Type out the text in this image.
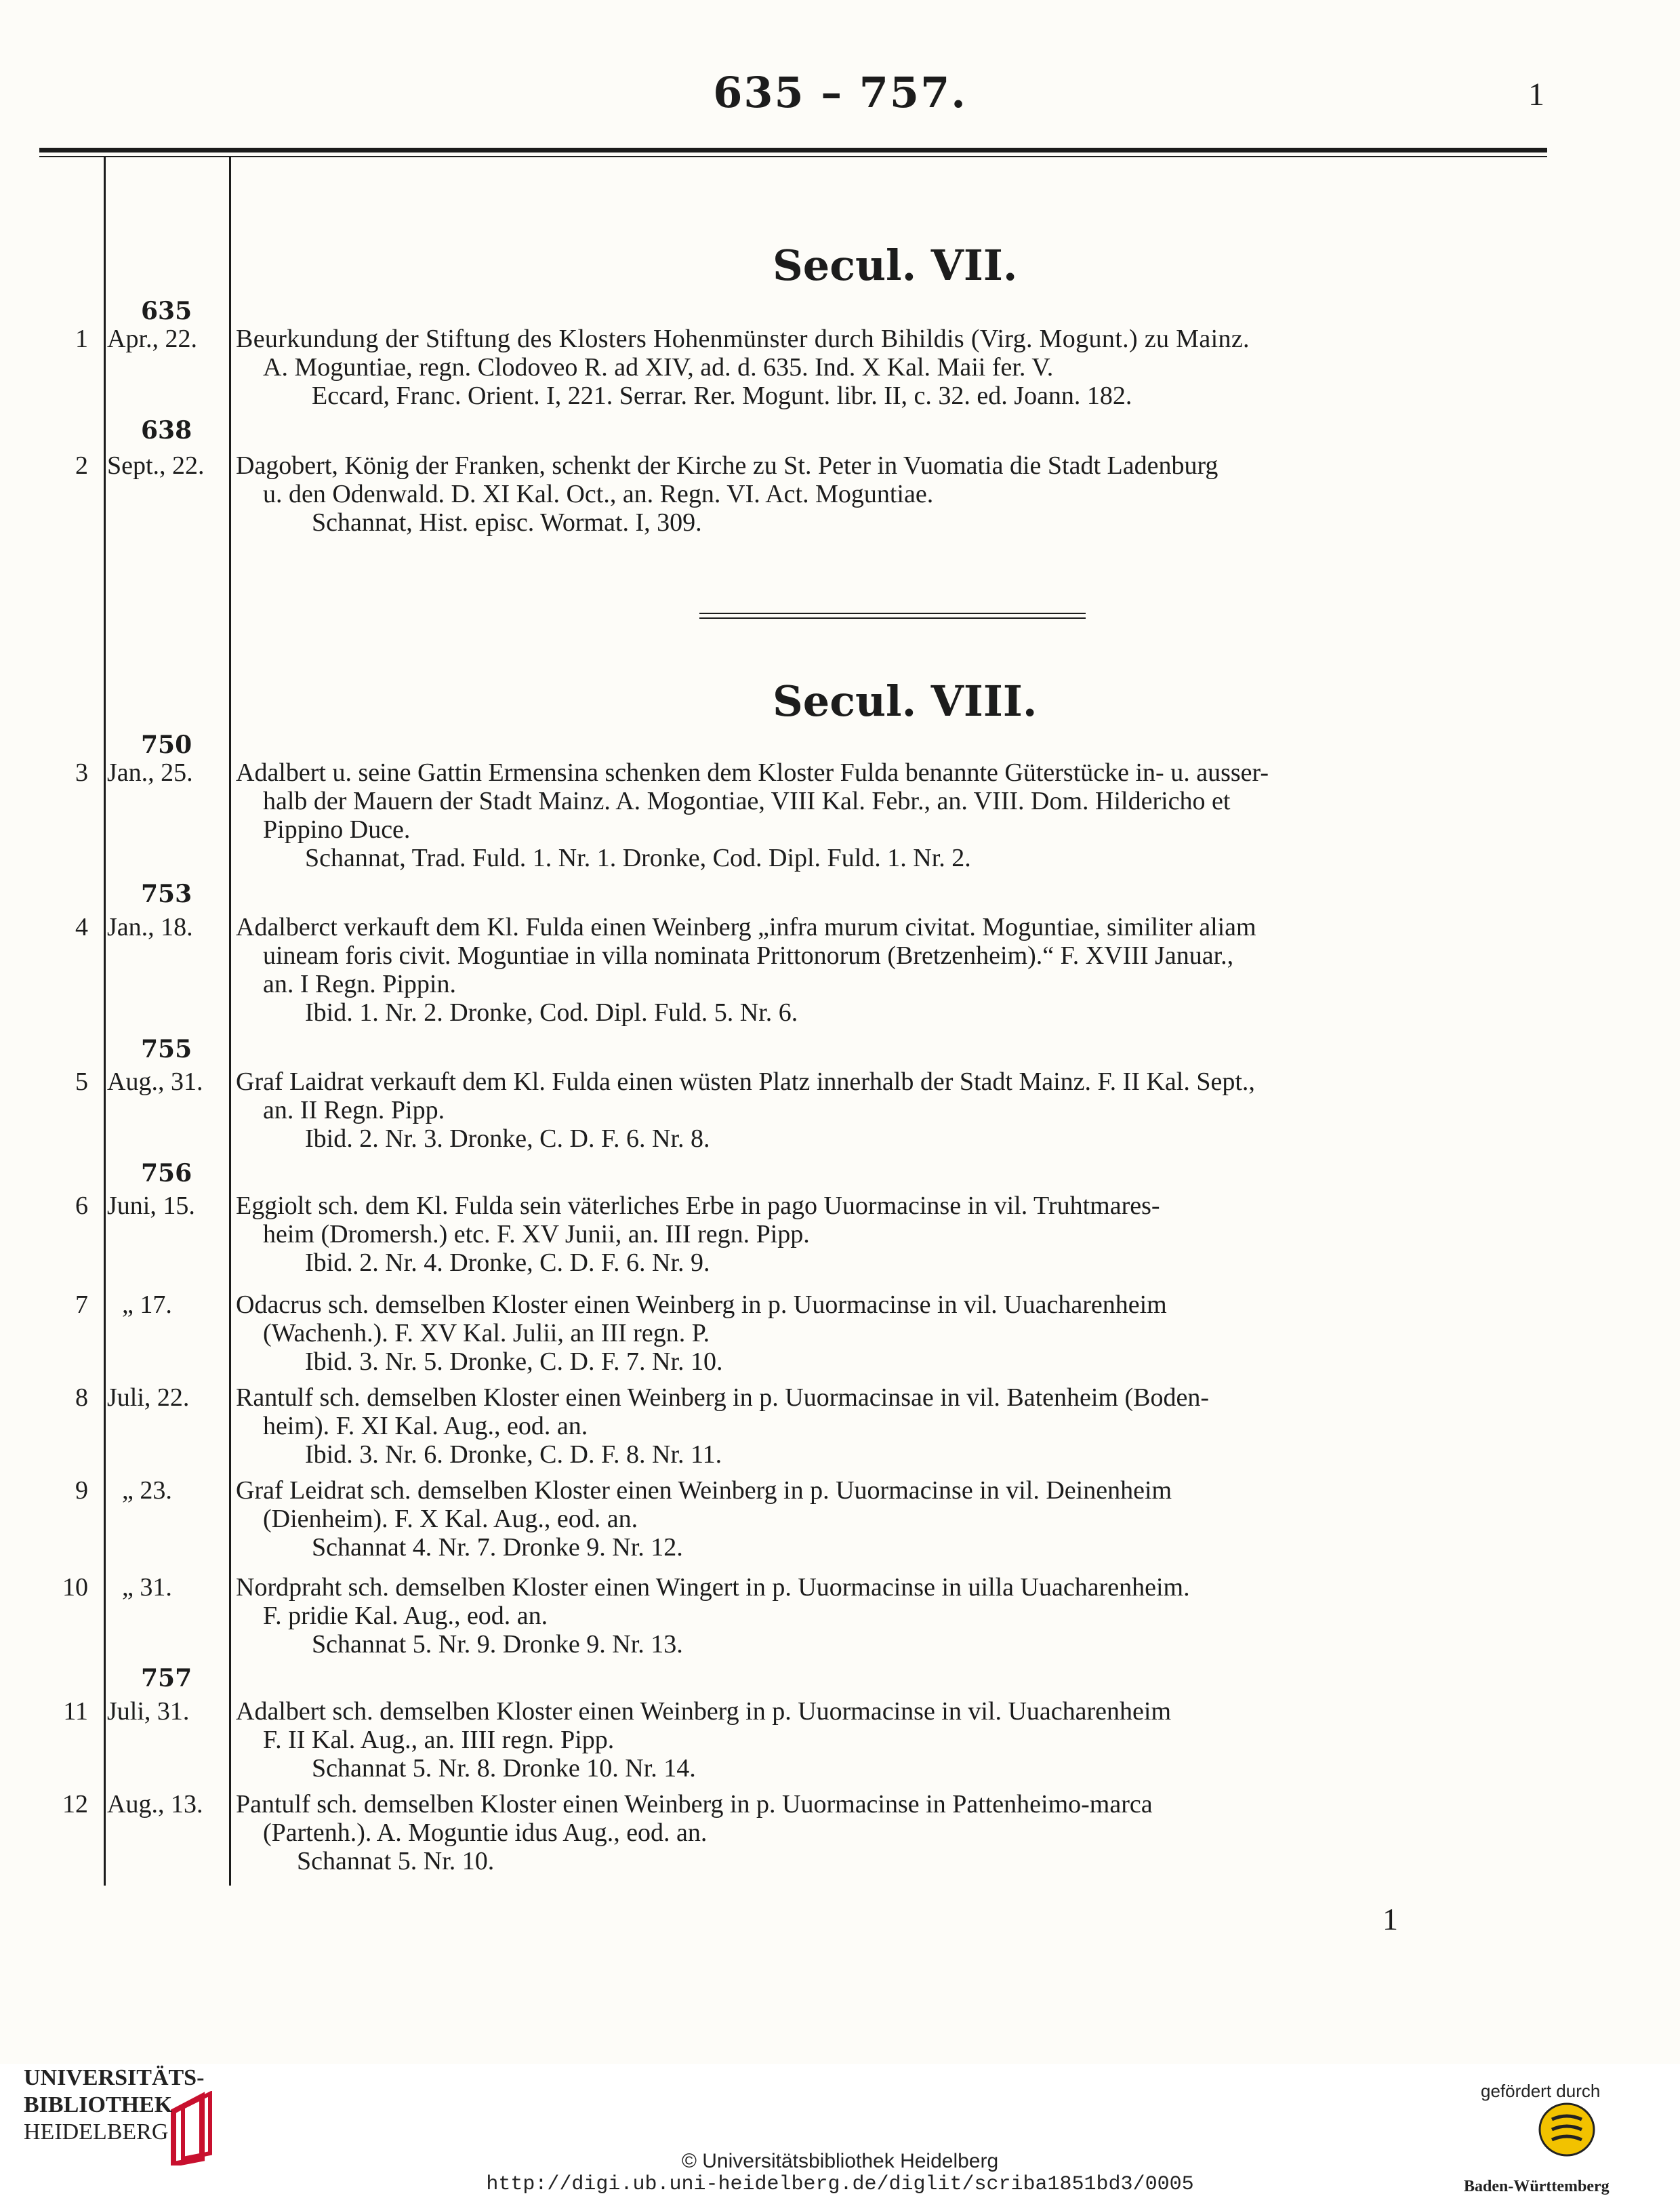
635 – 757.	1
Secul. VII.
635
1 Apr., 22.	Beurkundung der Stiftung des Klosters Hohenmünster durch Bihildis (Virg. Mogunt.) zu Mainz.
A. Moguntiae, regn. Clodoveo R. ad XIV, ad. d. 635. Ind. X Kal. Maii fer. V.
Eccard, Franc. Orient. I, 221. Serrar. Rer. Mogunt. libr. II, c. 32. ed. Joann. 182.
638
2 Sept., 22.	Dagobert, König der Franken, schenkt der Kirche zu St. Peter in Vuomatia die Stadt Ladenburg
u. den Odenwald. D. XI Kal. Oct., an. Regn. VI. Act. Moguntiae.
Schannat, Hist. episc. Wormat. I, 309.
Secul. VIII.
750
3 Jan., 25.	Adalbert u. seine Gattin Ermensina schenken dem Kloster Fulda benannte Güterstücke in- u. ausser-
halb der Mauern der Stadt Mainz. A. Mogontiae, VIII Kal. Febr., an. VIII. Dom. Hildericho et
Pippino Duce.
Schannat, Trad. Fuld. 1. Nr. 1. Dronke, Cod. Dipl. Fuld. 1. Nr. 2.
753
4 Jan., 18.	Adalberct verkauft dem Kl. Fulda einen Weinberg „infra murum civitat. Moguntiae, similiter aliam
uineam foris civit. Moguntiae in villa nominata Prittonorum (Bretzenheim).“ F. XVIII Januar.,
an. I Regn. Pippin.
Ibid. 1. Nr. 2. Dronke, Cod. Dipl. Fuld. 5. Nr. 6.
755
5 Aug., 31.	Graf Laidrat verkauft dem Kl. Fulda einen wüsten Platz innerhalb der Stadt Mainz. F. II Kal. Sept.,
an. II Regn. Pipp.
Ibid. 2. Nr. 3. Dronke, C. D. F. 6. Nr. 8.
756
6 Juni, 15.	Eggiolt sch. dem Kl. Fulda sein väterliches Erbe in pago Uuormacinse in vil. Truhtmares-
heim (Dromersh.) etc. F. XV Junii, an. III regn. Pipp.
Ibid. 2. Nr. 4. Dronke, C. D. F. 6. Nr. 9.
7 „ 17.	Odacrus sch. demselben Kloster einen Weinberg in p. Uuormacinse in vil. Uuacharenheim
(Wachenh.). F. XV Kal. Julii, an III regn. P.
Ibid. 3. Nr. 5. Dronke, C. D. F. 7. Nr. 10.
8 Juli, 22.	Rantulf sch. demselben Kloster einen Weinberg in p. Uuormacinsae in vil. Batenheim (Boden-
heim). F. XI Kal. Aug., eod. an.
Ibid. 3. Nr. 6. Dronke, C. D. F. 8. Nr. 11.
9 „ 23.	Graf Leidrat sch. demselben Kloster einen Weinberg in p. Uuormacinse in vil. Deinenheim
(Dienheim). F. X Kal. Aug., eod. an.
Schannat 4. Nr. 7. Dronke 9. Nr. 12.
10 „ 31.	Nordpraht sch. demselben Kloster einen Wingert in p. Uuormacinse in uilla Uuacharenheim.
F. pridie Kal. Aug., eod. an.
Schannat 5. Nr. 9. Dronke 9. Nr. 13.
757
11 Juli, 31.	Adalbert sch. demselben Kloster einen Weinberg in p. Uuormacinse in vil. Uuacharenheim
F. II Kal. Aug., an. IIII regn. Pipp.
Schannat 5. Nr. 8. Dronke 10. Nr. 14.
12 Aug., 13.	Pantulf sch. demselben Kloster einen Weinberg in p. Uuormacinse in Pattenheimo-marca
(Partenh.). A. Moguntie idus Aug., eod. an.
Schannat 5. Nr. 10.
1
UNIVERSITÄTS-
BIBLIOTHEK
HEIDELBERG
gefördert durch
Baden-Württemberg
© Universitätsbibliothek Heidelberg
http://digi.ub.uni-heidelberg.de/diglit/scriba1851bd3/0005
